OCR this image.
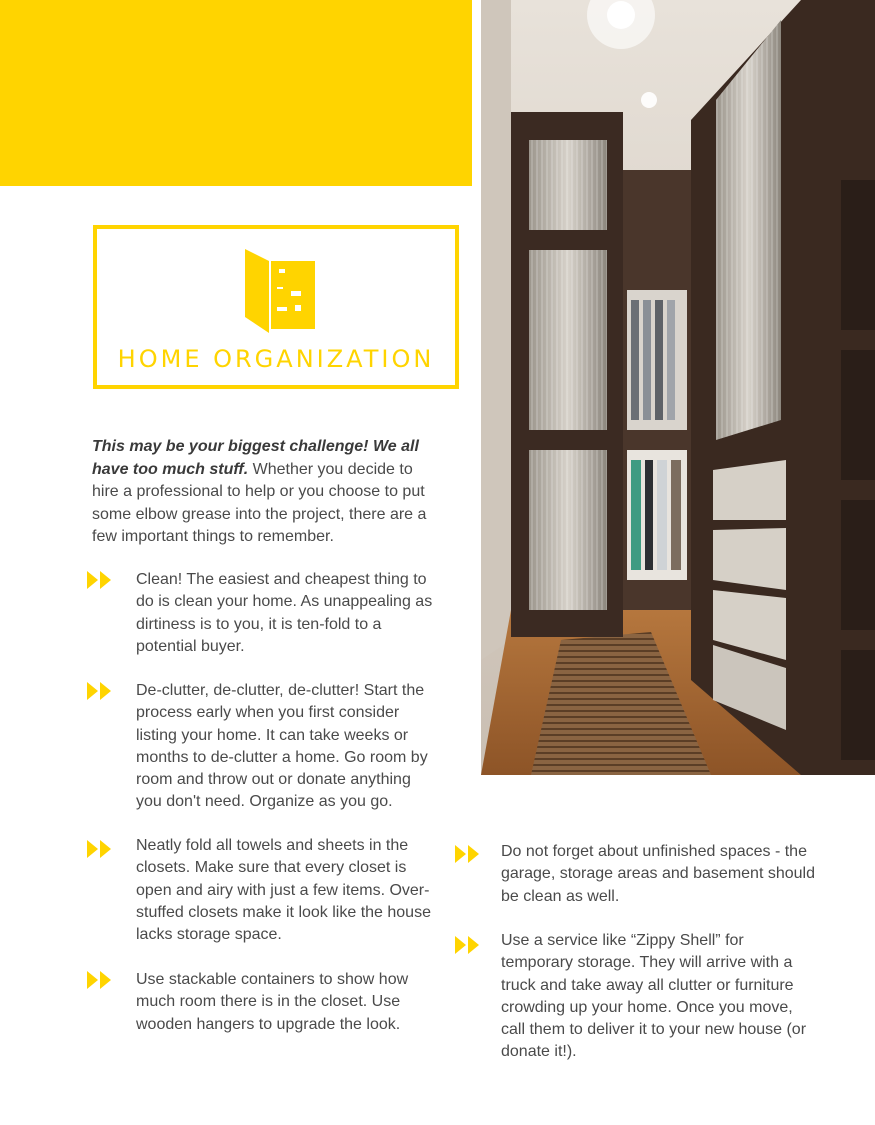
HOME ORGANIZATION
This may be your biggest challenge! We all have too much stuff. Whether you decide to hire a professional to help or you choose to put some elbow grease into the project, there are a few important things to remember.
Clean! The easiest and cheapest thing to do is clean your home. As unappealing as dirtiness is to you, it is ten-fold to a potential buyer.
De-clutter, de-clutter, de-clutter! Start the process early when you first consider listing your home. It can take weeks or months to de-clutter a home. Go room by room and throw out or donate anything you don't need. Organize as you go.
Neatly fold all towels and sheets in the closets. Make sure that every closet is open and airy with just a few items. Over-stuffed closets make it look like the house lacks storage space.
Use stackable containers to show how much room there is in the closet. Use wooden hangers to upgrade the look.
Do not forget about unfinished spaces - the garage, storage areas and basement should be clean as well.
Use a service like “Zippy Shell” for temporary storage. They will arrive with a truck and take away all clutter or furniture crowding up your home. Once you move, call them to deliver it to your new house (or donate it!).
